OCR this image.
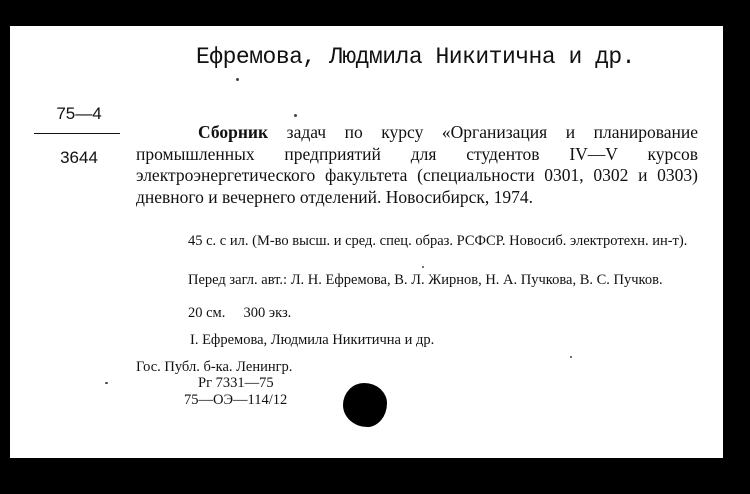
Ефремова, Людмила Никитична и др.
75—4
3644
Сборник задач по курсу «Организация и планирование промышленных предприятий для студентов IV—V курсов электроэнергетического факультета (специальности 0301, 0302 и 0303) дневного и вечернего отделений. Новосибирск, 1974.
45 с. с ил. (М-во высш. и сред. спец. образ. РСФСР. Новосиб. электротехн. ин-т).
Перед загл. авт.: Л. Н. Ефремова, В. Л. Жирнов, Н. А. Пучкова, В. С. Пучков.
20 см.     300 экз.
I. Ефремова, Людмила Никитична и др.
Гос. Публ. б-ка. Ленингр.
Рг 7331—75
75—ОЭ—114/12
